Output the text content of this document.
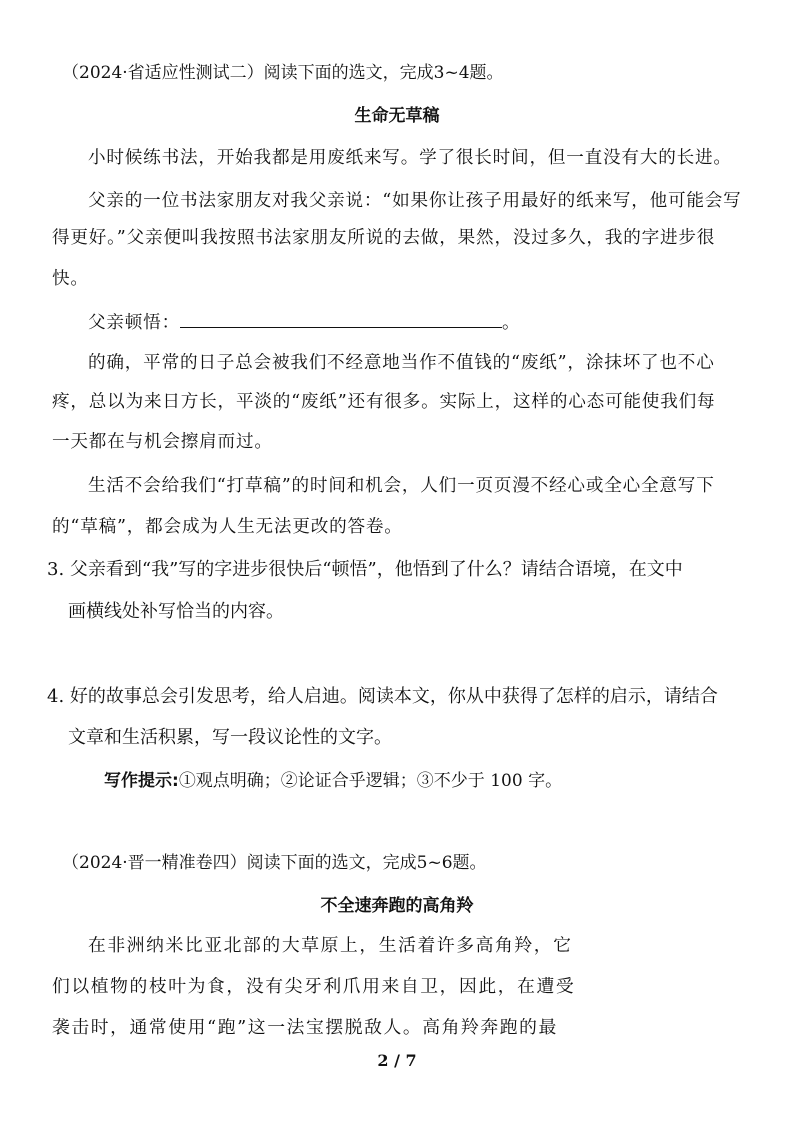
（2024·省适应性测试二）阅读下面的选文，完成3~4题。

生命无草稿

小时候练书法，开始我都是用废纸来写。学了很长时间，但一直没有大的长进。

父亲的一位书法家朋友对我父亲说：“如果你让孩子用最好的纸来写，他可能会写

得更好。”父亲便叫我按照书法家朋友所说的去做，果然，没过多久，我的字进步很

快。

父亲顿悟：	。

的确，平常的日子总会被我们不经意地当作不值钱的“废纸”，涂抹坏了也不心

疼，总以为来日方长，平淡的“废纸”还有很多。实际上，这样的心态可能使我们每

一天都在与机会擦肩而过。

生活不会给我们“打草稿”的时间和机会，人们一页页漫不经心或全心全意写下

的“草稿”，都会成为人生无法更改的答卷。

3. 父亲看到“我”写的字进步很快后“顿悟”，他悟到了什么？请结合语境，在文中

画横线处补写恰当的内容。

4. 好的故事总会引发思考，给人启迪。阅读本文，你从中获得了怎样的启示，请结合

文章和生活积累，写一段议论性的文字。

写作提示:①观点明确；②论证合乎逻辑；③不少于 100 字。

（2024·晋一精准卷四）阅读下面的选文，完成5~6题。

不全速奔跑的高角羚

在非洲纳米比亚北部的大草原上，生活着许多高角羚，它

们以植物的枝叶为食，没有尖牙利爪用来自卫，因此，在遭受

袭击时，通常使用“跑”这一法宝摆脱敌人。高角羚奔跑的最

2 / 7
